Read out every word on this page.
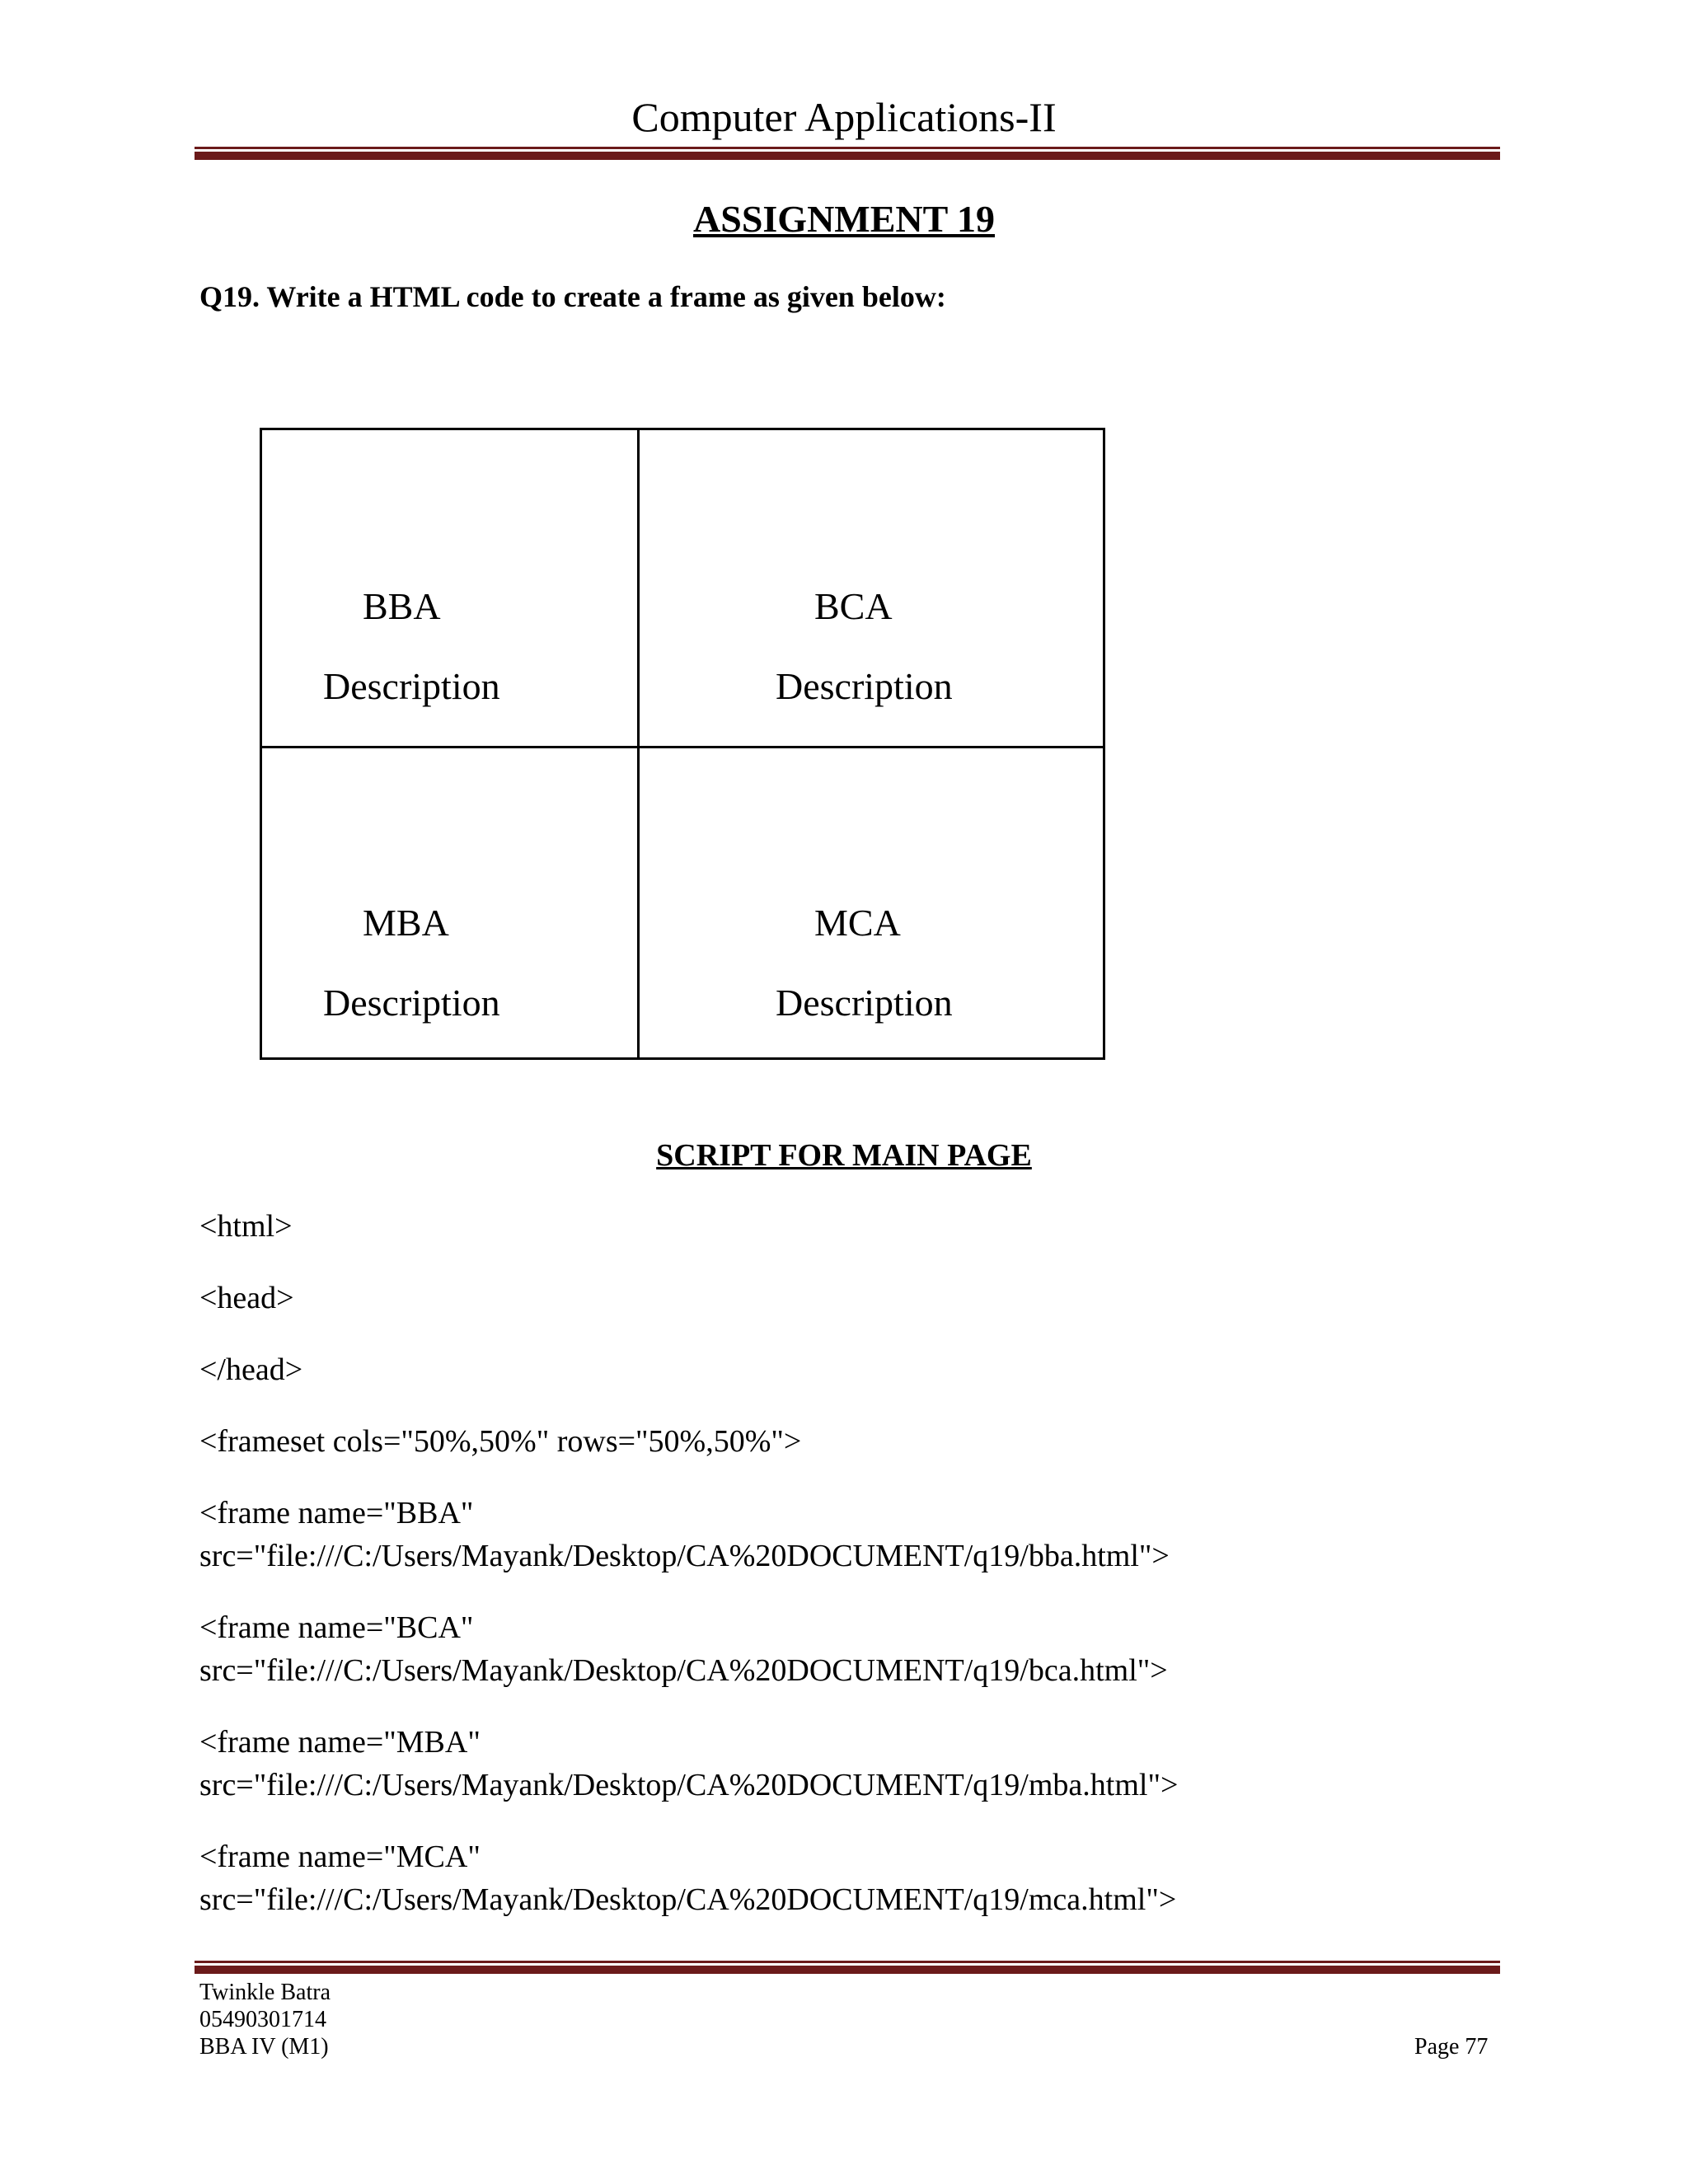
Computer Applications-II
ASSIGNMENT 19
Q19. Write a HTML code to create a frame as given below:
BBA
Description
BCA
Description
MBA
Description
MCA
Description
SCRIPT FOR MAIN PAGE
<html>
<head>
</head>
<frameset cols="50%,50%" rows="50%,50%">
<frame name="BBA"
src="file:///C:/Users/Mayank/Desktop/CA%20DOCUMENT/q19/bba.html">
<frame name="BCA"
src="file:///C:/Users/Mayank/Desktop/CA%20DOCUMENT/q19/bca.html">
<frame name="MBA"
src="file:///C:/Users/Mayank/Desktop/CA%20DOCUMENT/q19/mba.html">
<frame name="MCA"
src="file:///C:/Users/Mayank/Desktop/CA%20DOCUMENT/q19/mca.html">
Twinkle Batra
05490301714
BBA IV (M1)	Page 77
